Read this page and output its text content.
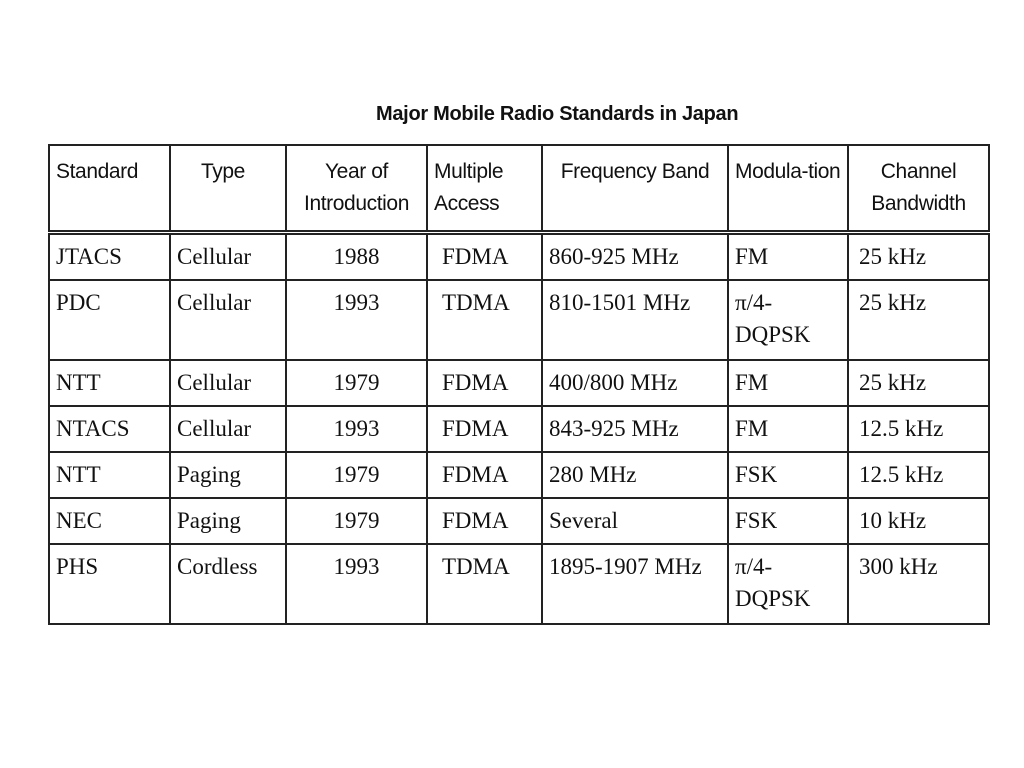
Major Mobile Radio Standards in Japan
Standard	Type	Year of Introduction	Multiple Access	Frequency Band	Modula-tion	Channel Bandwidth
JTACS	Cellular	1988	FDMA	860-925 MHz	FM	25 kHz
PDC	Cellular	1993	TDMA	810-1501 MHz	π/4-DQPSK	25 kHz
NTT	Cellular	1979	FDMA	400/800 MHz	FM	25 kHz
NTACS	Cellular	1993	FDMA	843-925 MHz	FM	12.5 kHz
NTT	Paging	1979	FDMA	280 MHz	FSK	12.5 kHz
NEC	Paging	1979	FDMA	Several	FSK	10 kHz
PHS	Cordless	1993	TDMA	1895-1907 MHz	π/4-DQPSK	300 kHz
